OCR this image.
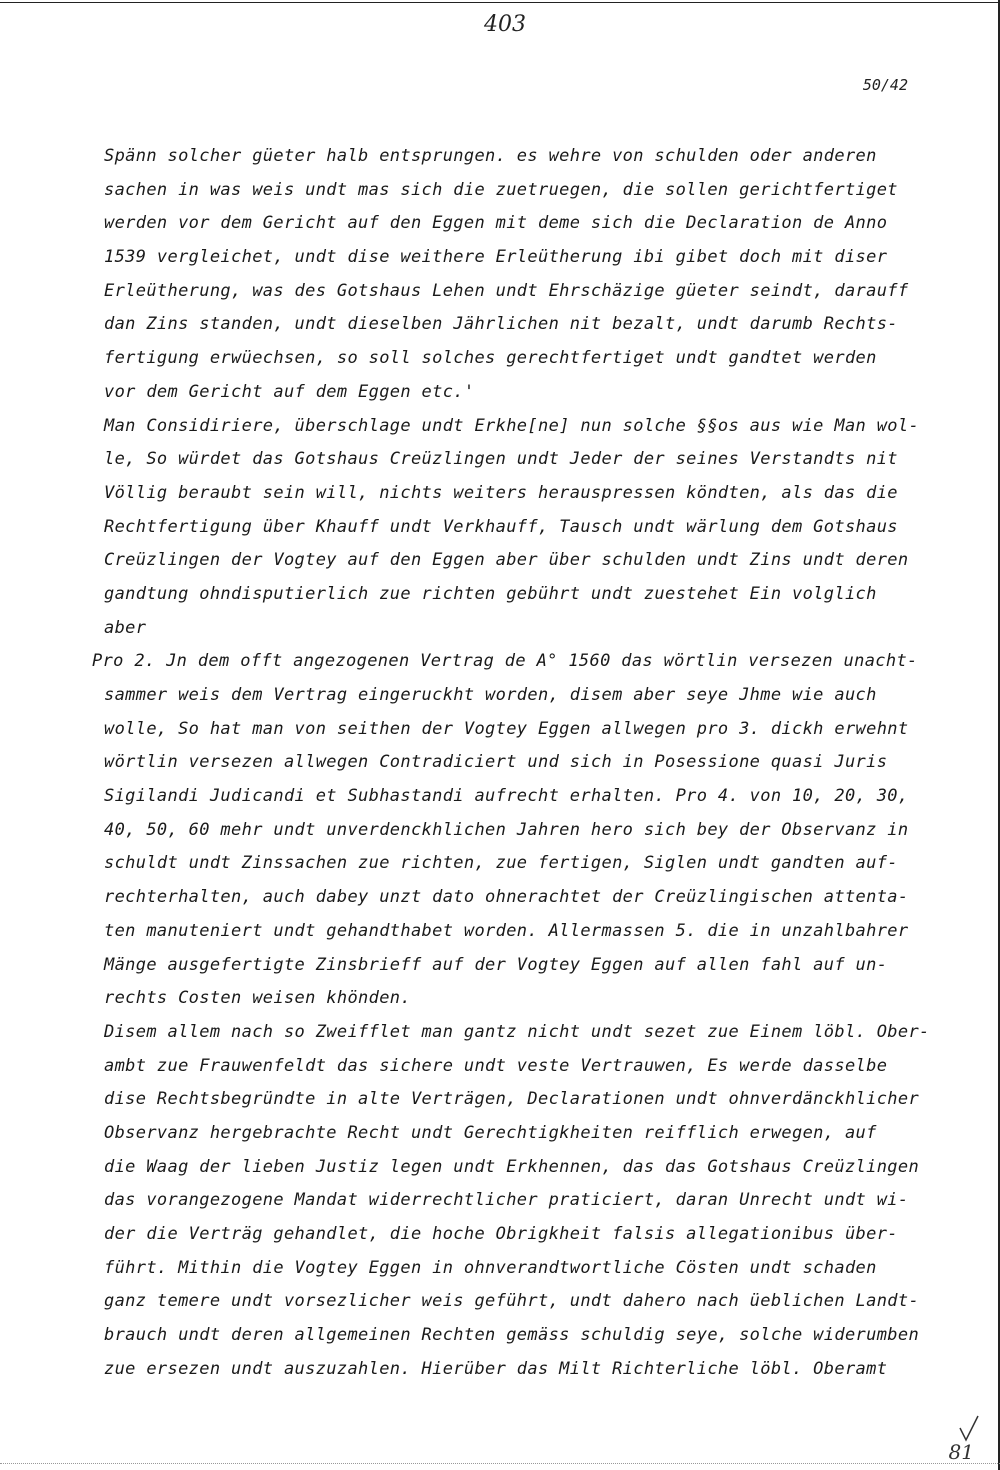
403
50/42
Spänn solcher güeter halb entsprungen. es wehre von schulden oder anderen
sachen in was weis undt mas sich die zuetruegen, die sollen gerichtfertiget
werden vor dem Gericht auf den Eggen mit deme sich die Declaration de Anno
1539 vergleichet, undt dise weithere Erleütherung ibi gibet doch mit diser
Erleütherung, was des Gotshaus Lehen undt Ehrschäzige güeter seindt, darauff
dan Zins standen, undt dieselben Jährlichen nit bezalt, undt darumb Rechts-
fertigung erwüechsen, so soll solches gerechtfertiget undt gandtet werden
vor dem Gericht auf dem Eggen etc.'
Man Considiriere, überschlage undt Erkhe[ne] nun solche §§os aus wie Man wol-
le, So würdet das Gotshaus Creüzlingen undt Jeder der seines Verstandts nit
Völlig beraubt sein will, nichts weiters herauspressen köndten, als das die
Rechtfertigung über Khauff undt Verkhauff, Tausch undt wärlung dem Gotshaus
Creüzlingen der Vogtey auf den Eggen aber über schulden undt Zins undt deren
gandtung ohndisputierlich zue richten gebührt undt zuestehet Ein volglich
aber
Pro 2. Jn dem offt angezogenen Vertrag de A° 1560 das wörtlin versezen unacht-
sammer weis dem Vertrag eingeruckht worden, disem aber seye Jhme wie auch
wolle, So hat man von seithen der Vogtey Eggen allwegen pro 3. dickh erwehnt
wörtlin versezen allwegen Contradiciert und sich in Posessione quasi Juris
Sigilandi Judicandi et Subhastandi aufrecht erhalten. Pro 4. von 10, 20, 30,
40, 50, 60 mehr undt unverdenckhlichen Jahren hero sich bey der Observanz in
schuldt undt Zinssachen zue richten, zue fertigen, Siglen undt gandten auf-
rechterhalten, auch dabey unzt dato ohnerachtet der Creüzlingischen attenta-
ten manuteniert undt gehandthabet worden. Allermassen 5. die in unzahlbahrer
Mänge ausgefertigte Zinsbrieff auf der Vogtey Eggen auf allen fahl auf un-
rechts Costen weisen khönden.
Disem allem nach so Zweifflet man gantz nicht undt sezet zue Einem löbl. Ober-
ambt zue Frauwenfeldt das sichere undt veste Vertrauwen, Es werde dasselbe
dise Rechtsbegründte in alte Verträgen, Declarationen undt ohnverdänckhlicher
Observanz hergebrachte Recht undt Gerechtigkheiten reifflich erwegen, auf
die Waag der lieben Justiz legen undt Erkhennen, das das Gotshaus Creüzlingen
das vorangezogene Mandat widerrechtlicher praticiert, daran Unrecht undt wi-
der die Verträg gehandlet, die hoche Obrigkheit falsis allegationibus über-
führt. Mithin die Vogtey Eggen in ohnverandtwortliche Cösten undt schaden
ganz temere undt vorsezlicher weis geführt, undt dahero nach üeblichen Landt-
brauch undt deren allgemeinen Rechten gemäss schuldig seye, solche widerumben
zue ersezen undt auszuzahlen. Hierüber das Milt Richterliche löbl. Oberamt
81
